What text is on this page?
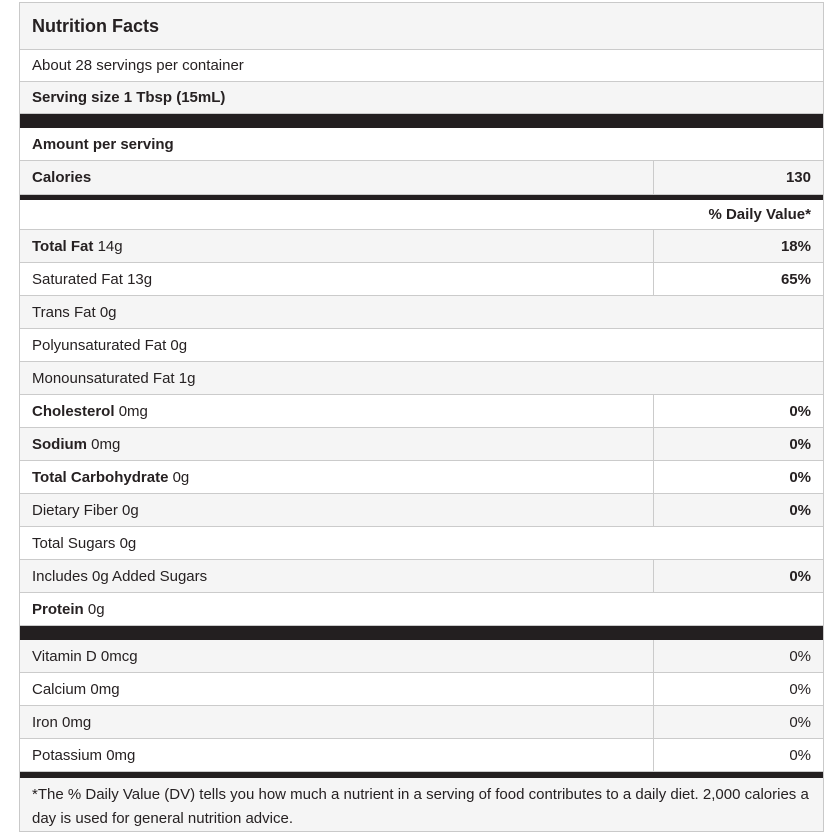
Nutrition Facts
About 28 servings per container
Serving size 1 Tbsp (15mL)
Amount per serving
Calories	130
% Daily Value*
Total Fat 14g	18%
Saturated Fat 13g	65%
Trans Fat 0g
Polyunsaturated Fat 0g
Monounsaturated Fat 1g
Cholesterol 0mg	0%
Sodium 0mg	0%
Total Carbohydrate 0g	0%
Dietary Fiber 0g	0%
Total Sugars 0g
Includes 0g Added Sugars	0%
Protein 0g
Vitamin D 0mcg	0%
Calcium 0mg	0%
Iron 0mg	0%
Potassium 0mg	0%
*The % Daily Value (DV) tells you how much a nutrient in a serving of food contributes to a daily diet. 2,000 calories a day is used for general nutrition advice.
